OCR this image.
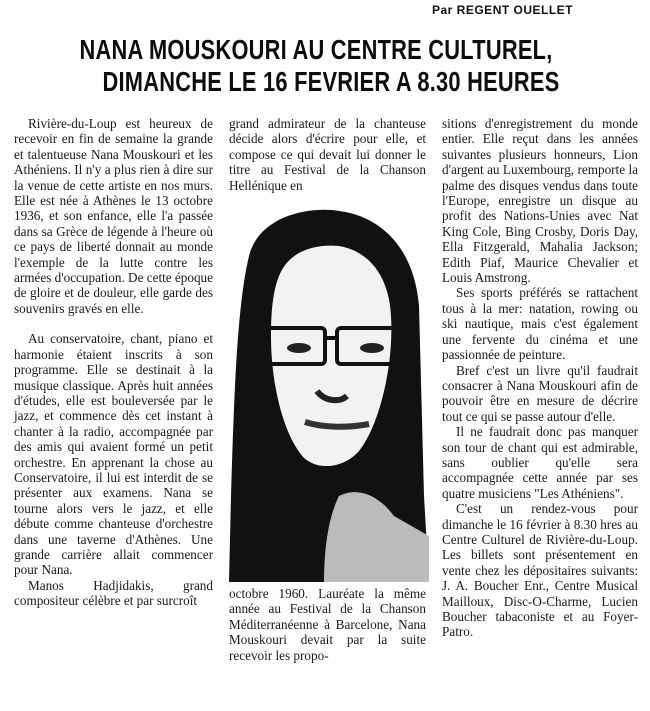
Par REGENT OUELLET
NANA MOUSKOURI AU CENTRE CULTUREL,
DIMANCHE LE 16 FEVRIER A 8.30 HEURES

Rivière-du-Loup est heureux de recevoir en fin de semaine la grande et talentueuse Nana Mouskouri et les Athéniens. Il n'y a plus rien à dire sur la venue de cette artiste en nos murs. Elle est née à Athènes le 13 octobre 1936, et son enfance, elle l'a passée dans sa Grèce de légende à l'heure où ce pays de liberté donnait au monde l'exemple de la lutte contre les armées d'occupation. De cette époque de gloire et de douleur, elle garde des souvenirs gravés en elle.

Au conservatoire, chant, piano et harmonie étaient inscrits à son programme. Elle se destinait à la musique classique. Après huit années d'études, elle est bouleversée par le jazz, et commence dès cet instant à chanter à la radio, accompagnée par des amis qui avaient formé un petit orchestre. En apprenant la chose au Conservatoire, il lui est interdit de se présenter aux examens. Nana se tourne alors vers le jazz, et elle débute comme chanteuse d'orchestre dans une taverne d'Athènes. Une grande carrière allait commencer pour Nana.

Manos Hadjidakis, grand compositeur célèbre et par surcroît

grand admirateur de la chanteuse décide alors d'écrire pour elle, et compose ce qui devait lui donner le titre au Festival de la Chanson Hellénique en

octobre 1960. Lauréate la même année au Festival de la Chanson Méditerranéenne à Barcelone, Nana Mouskouri devait par la suite recevoir les propo-

sitions d'enregistrement du monde entier. Elle reçut dans les années suivantes plusieurs honneurs, Lion d'argent au Luxembourg, remporte la palme des disques vendus dans toute l'Europe, enregistre un disque au profit des Nations-Unies avec Nat King Cole, Bing Crosby, Doris Day, Ella Fitzgerald, Mahalia Jackson; Edith Piaf, Maurice Chevalier et Louis Amstrong.

Ses sports préférés se rattachent tous à la mer: natation, rowing ou ski nautique, mais c'est également une fervente du cinéma et une passionnée de peinture.

Bref c'est un livre qu'il faudrait consacrer à Nana Mouskouri afin de pouvoir être en mesure de décrire tout ce qui se passe autour d'elle.

Il ne faudrait donc pas manquer son tour de chant qui est admirable, sans oublier qu'elle sera accompagnée cette année par ses quatre musiciens "Les Athéniens".

C'est un rendez-vous pour dimanche le 16 février à 8.30 hres au Centre Culturel de Rivière-du-Loup. Les billets sont présentement en vente chez les dépositaires suivants: J. A. Boucher Enr., Centre Musical Mailloux, Disc-O-Charme, Lucien Boucher tabaconiste et au Foyer-Patro.
